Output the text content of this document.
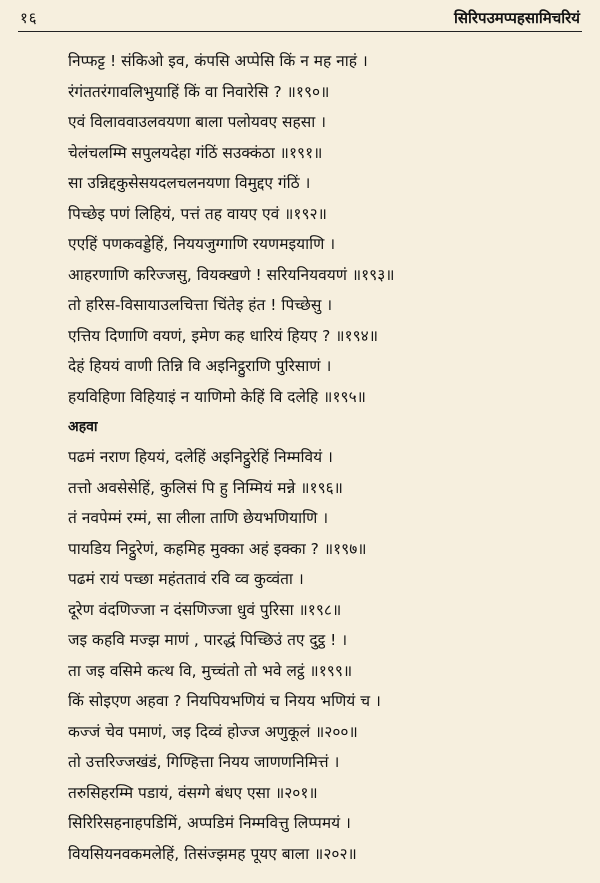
१६	सिरिपउमप्पहसामिचरियं
निप्फट्ट ! संकिओ इव, कंपसि अप्पेसि किं न मह नाहं ।
रंगंततरंगावलिभुयाहिं किं वा निवारेसि ? ॥१९०॥
एवं विलाववाउलवयणा बाला पलोयवए सहसा ।
चेलंचलम्मि सपुलयदेहा गंठिं सउक्कंठा ॥१९१॥
सा उन्निद्दकुसेसयदलचलनयणा विमुद्दए गंठिं ।
पिच्छेइ पणं लिहियं, पत्तं तह वायए एवं ॥१९२॥
एएहिं पणकवड्डेहिं, निययजुग्गाणि रयणमइयाणि ।
आहरणाणि करिज्जसु, वियक्खणे ! सरियनियवयणं ॥१९३॥
तो हरिस-विसायाउलचित्ता चिंतेइ हंत ! पिच्छेसु ।
एत्तिय दिणाणि वयणं, इमेण कह धारियं हियए ? ॥१९४॥
देहं हिययं वाणी तिन्नि वि अइनिट्ठुराणि पुरिसाणं ।
हयविहिणा विहियाइं न याणिमो केहिं वि दलेहि ॥१९५॥
अहवा
पढमं नराण हिययं, दलेहिं अइनिट्ठुरेहिं निम्मवियं ।
तत्तो अवसेसेहिं, कुलिसं पि हु निम्मियं मन्ने ॥१९६॥
तं नवपेम्मं रम्मं, सा लीला ताणि छेयभणियाणि ।
पायडिय निट्ठुरेणं, कहमिह मुक्का अहं इक्का ? ॥१९७॥
पढमं रायं पच्छा महंततावं रवि व्व कुव्वंता ।
दूरेण वंदणिज्जा न दंसणिज्जा धुवं पुरिसा ॥१९८॥
जइ कहवि मज्झ माणं , पारद्धं पिच्छिउं तए दुट्ठ ! ।
ता जइ वसिमे कत्थ वि, मुच्चंतो तो भवे लट्ठं ॥१९९॥
किं सोइएण अहवा ? नियपियभणियं च नियय भणियं च ।
कज्जं चेव पमाणं, जइ दिव्वं होज्ज अणुकूलं ॥२००॥
तो उत्तरिज्जखंडं, गिण्हित्ता नियय जाणणनिमित्तं ।
तरुसिहरम्मि पडायं, वंसग्गे बंधए एसा ॥२०१॥
सिरिरिसहनाहपडिमिं, अप्पडिमं निम्मवित्तु लिप्पमयं ।
वियसियनवकमलेहिं, तिसंज्झमह पूयए बाला ॥२०२॥
